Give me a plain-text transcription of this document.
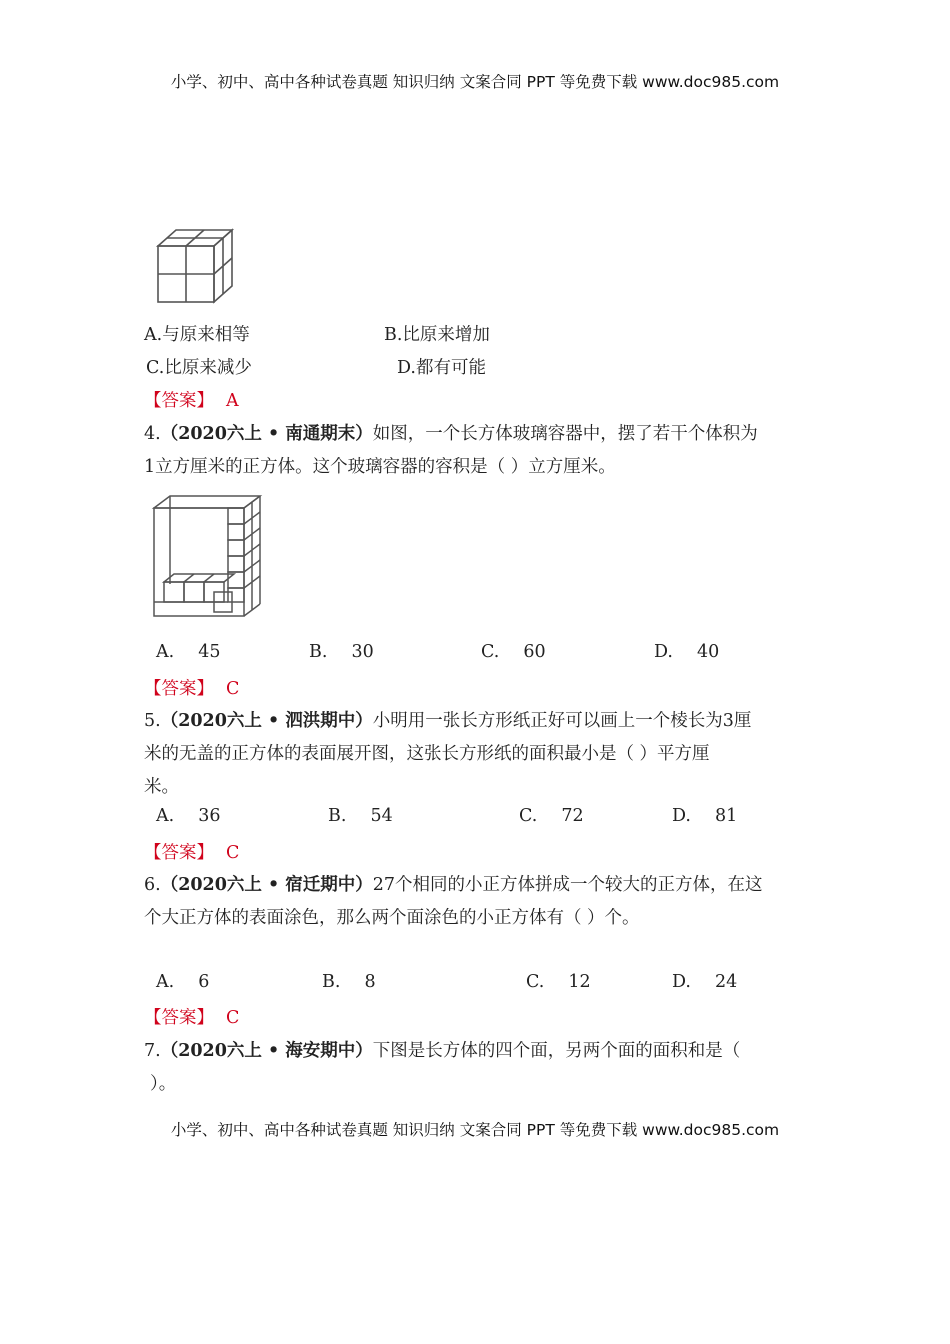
小学、初中、高中各种试卷真题 知识归纳 文案合同 PPT 等免费下载 www.doc985.com
A.与原来相等	B.比原来增加
C.比原来减少	D.都有可能
【答案】 A
4.（2020六上 • 南通期末）如图，一个长方体玻璃容器中，摆了若干个体积为
1立方厘米的正方体。这个玻璃容器的容积是（ ）立方厘米。
A. 45	B. 30	C. 60	D. 40
【答案】 C
5.（2020六上 • 泗洪期中）小明用一张长方形纸正好可以画上一个棱长为3厘
米的无盖的正方体的表面展开图，这张长方形纸的面积最小是（ ）平方厘
米。
A. 36	B. 54	C. 72	D. 81
【答案】 C
6.（2020六上 • 宿迁期中）27个相同的小正方体拼成一个较大的正方体，在这
个大正方体的表面涂色，那么两个面涂色的小正方体有（ ）个。
A. 6	B. 8	C. 12	D. 24
【答案】 C
7.（2020六上 • 海安期中）下图是长方体的四个面，另两个面的面积和是（
）。
小学、初中、高中各种试卷真题 知识归纳 文案合同 PPT 等免费下载 www.doc985.com
